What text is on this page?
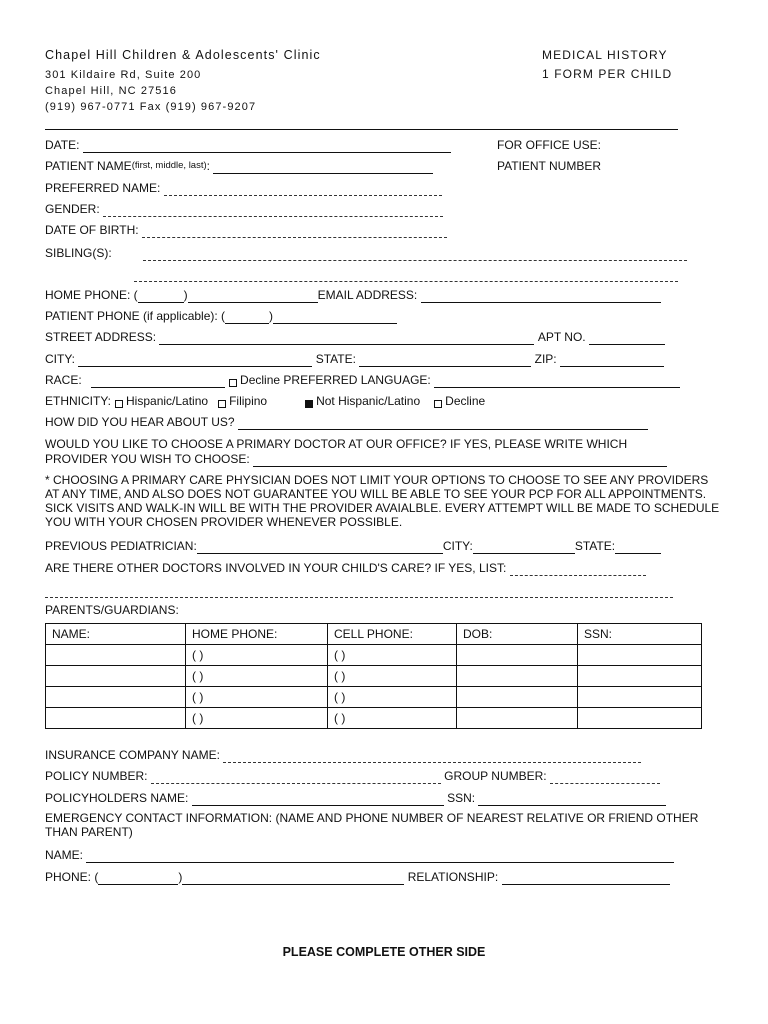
Chapel Hill Children & Adolescents' Clinic
301 Kildaire Rd, Suite 200
Chapel Hill, NC 27516
(919) 967-0771 Fax (919) 967-9207
MEDICAL HISTORY
1 FORM PER CHILD
DATE:	FOR OFFICE USE:
PATIENT NUMBER
PATIENT NAME(first, middle, last):
PREFERRED NAME:
GENDER:
DATE OF BIRTH:
SIBLING(S):
HOME PHONE: (	)	EMAIL ADDRESS:
PATIENT PHONE (if applicable): (	)
STREET ADDRESS:	APT NO.
CITY:	STATE:	ZIP:
RACE:	Decline PREFERRED LANGUAGE:
ETHNICITY: Hispanic/Latino Filipino	Not Hispanic/Latino Decline
HOW DID YOU HEAR ABOUT US?
WOULD YOU LIKE TO CHOOSE A PRIMARY DOCTOR AT OUR OFFICE? IF YES, PLEASE WRITE WHICH
PROVIDER YOU WISH TO CHOOSE:
* CHOOSING A PRIMARY CARE PHYSICIAN DOES NOT LIMIT YOUR OPTIONS TO CHOOSE TO SEE ANY PROVIDERS AT ANY TIME, AND ALSO DOES NOT GUARANTEE YOU WILL BE ABLE TO SEE YOUR PCP FOR ALL APPOINTMENTS. SICK VISITS AND WALK-IN WILL BE WITH THE PROVIDER AVAIALBLE. EVERY ATTEMPT WILL BE MADE TO SCHEDULE YOU WITH YOUR CHOSEN PROVIDER WHENEVER POSSIBLE.
PREVIOUS PEDIATRICIAN:	CITY:	STATE:
ARE THERE OTHER DOCTORS INVOLVED IN YOUR CHILD'S CARE? IF YES, LIST:
PARENTS/GUARDIANS:
NAME:	HOME PHONE:	CELL PHONE:	DOB:	SSN:
	( )	( )		
	( )	( )		
	( )	( )		
	( )	( )		
INSURANCE COMPANY NAME:
POLICY NUMBER:	GROUP NUMBER:
POLICYHOLDERS NAME:	SSN:
EMERGENCY CONTACT INFORMATION: (NAME AND PHONE NUMBER OF NEAREST RELATIVE OR FRIEND OTHER THAN PARENT)
NAME:
PHONE: (	)	RELATIONSHIP:
PLEASE COMPLETE OTHER SIDE
